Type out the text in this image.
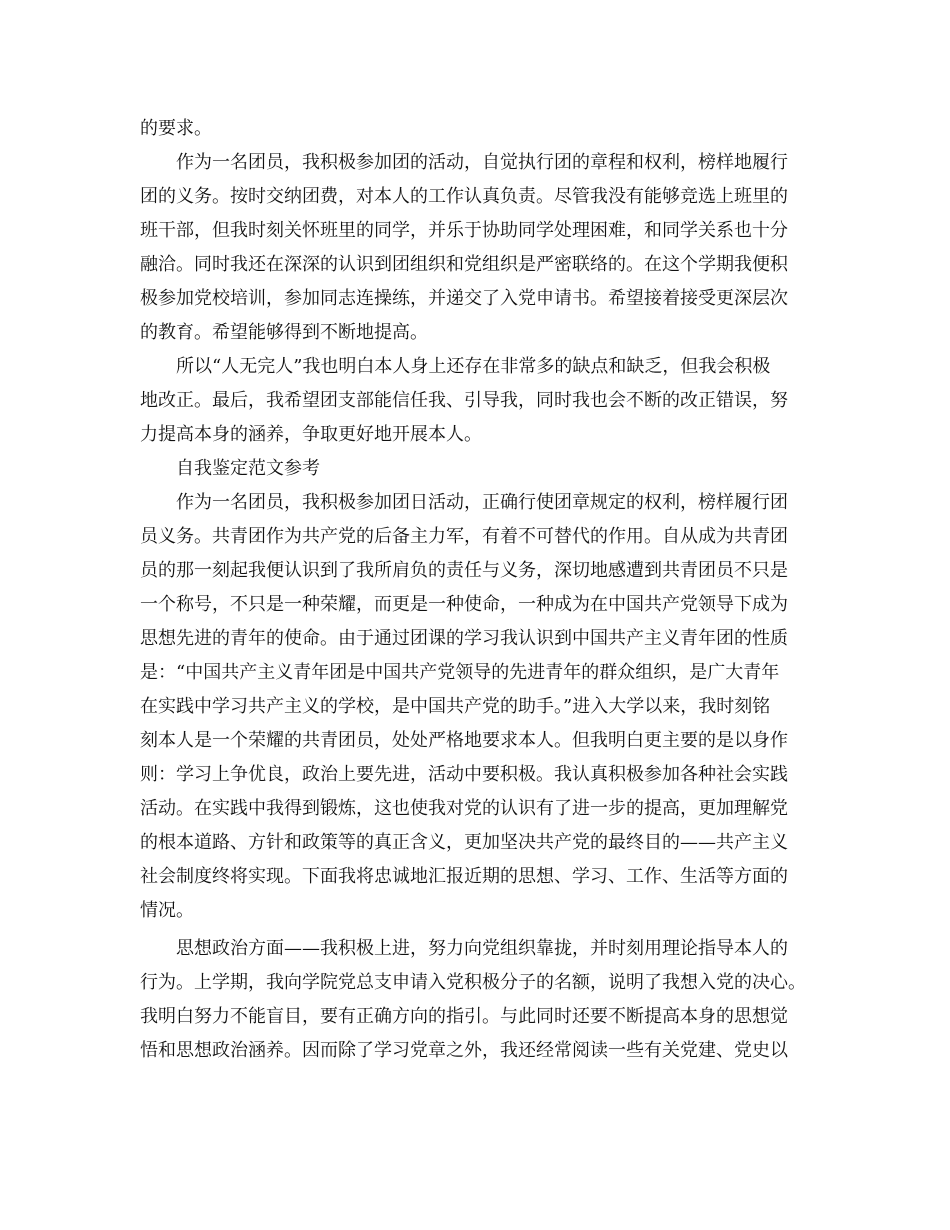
的要求。
作为一名团员，我积极参加团的活动，自觉执行团的章程和权利，榜样地履行
团的义务。按时交纳团费，对本人的工作认真负责。尽管我没有能够竞选上班里的
班干部，但我时刻关怀班里的同学，并乐于协助同学处理困难，和同学关系也十分
融洽。同时我还在深深的认识到团组织和党组织是严密联络的。在这个学期我便积
极参加党校培训，参加同志连操练，并递交了入党申请书。希望接着接受更深层次
的教育。希望能够得到不断地提高。
所以“人无完人”我也明白本人身上还存在非常多的缺点和缺乏，但我会积极
地改正。最后，我希望团支部能信任我、引导我，同时我也会不断的改正错误，努
力提高本身的涵养，争取更好地开展本人。
自我鉴定范文参考
作为一名团员，我积极参加团日活动，正确行使团章规定的权利，榜样履行团
员义务。共青团作为共产党的后备主力军，有着不可替代的作用。自从成为共青团
员的那一刻起我便认识到了我所肩负的责任与义务，深切地感遭到共青团员不只是
一个称号，不只是一种荣耀，而更是一种使命，一种成为在中国共产党领导下成为
思想先进的青年的使命。由于通过团课的学习我认识到中国共产主义青年团的性质
是：“中国共产主义青年团是中国共产党领导的先进青年的群众组织，是广大青年
在实践中学习共产主义的学校，是中国共产党的助手。”进入大学以来，我时刻铭
刻本人是一个荣耀的共青团员，处处严格地要求本人。但我明白更主要的是以身作
则：学习上争优良，政治上要先进，活动中要积极。我认真积极参加各种社会实践
活动。在实践中我得到锻炼，这也使我对党的认识有了进一步的提高，更加理解党
的根本道路、方针和政策等的真正含义，更加坚决共产党的最终目的——共产主义
社会制度终将实现。下面我将忠诚地汇报近期的思想、学习、工作、生活等方面的
情况。
思想政治方面——我积极上进，努力向党组织靠拢，并时刻用理论指导本人的
行为。上学期，我向学院党总支申请入党积极分子的名额，说明了我想入党的决心。
我明白努力不能盲目，要有正确方向的指引。与此同时还要不断提高本身的思想觉
悟和思想政治涵养。因而除了学习党章之外，我还经常阅读一些有关党建、党史以
